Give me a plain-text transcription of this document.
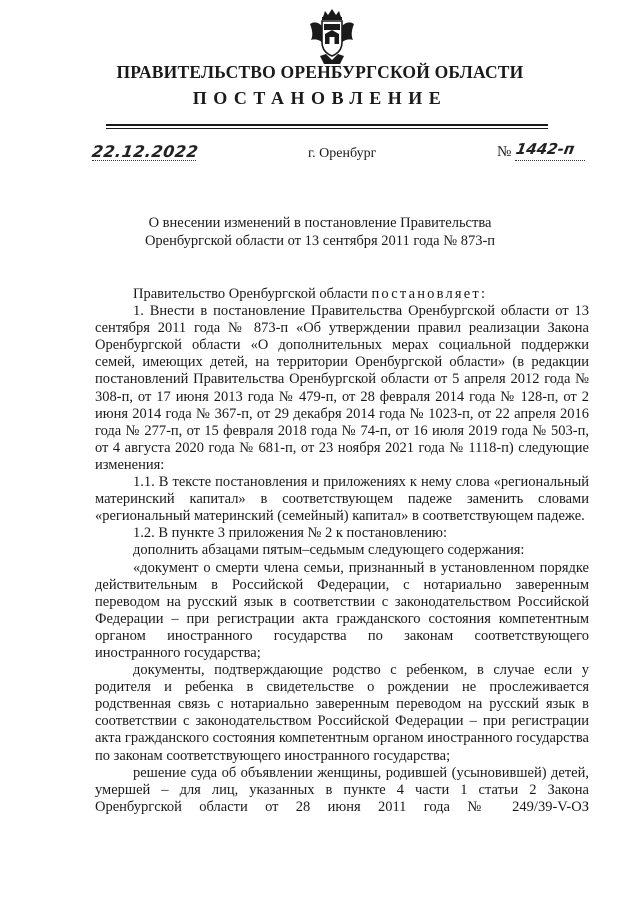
ПРАВИТЕЛЬСТВО ОРЕНБУРГСКОЙ ОБЛАСТИ
ПОСТАНОВЛЕНИЕ
22.12.2022	г. Оренбург	№ 1442-п
О внесении изменений в постановление Правительства
Оренбургской области от 13 сентября 2011 года № 873-п

Правительство Оренбургской области постановляет:

1. Внести в постановление Правительства Оренбургской области от 13 сентября 2011 года № 873-п «Об утверждении правил реализации Закона Оренбургской области «О дополнительных мерах социальной поддержки семей, имеющих детей, на территории Оренбургской области» (в редакции постановлений Правительства Оренбургской области от 5 апреля 2012 года № 308-п, от 17 июня 2013 года № 479-п, от 28 февраля 2014 года № 128-п, от 2 июня 2014 года № 367-п, от 29 декабря 2014 года № 1023-п, от 22 апреля 2016 года № 277-п, от 15 февраля 2018 года № 74-п, от 16 июля 2019 года № 503-п, от 4 августа 2020 года № 681-п, от 23 ноября 2021 года № 1118-п) следующие изменения:

1.1. В тексте постановления и приложениях к нему слова «региональный материнский капитал» в соответствующем падеже заменить словами «региональный материнский (семейный) капитал» в соответствующем падеже.

1.2. В пункте 3 приложения № 2 к постановлению:

дополнить абзацами пятым–седьмым следующего содержания:

«документ о смерти члена семьи, признанный в установленном порядке действительным в Российской Федерации, с нотариально заверенным переводом на русский язык в соответствии с законодательством Российской Федерации – при регистрации акта гражданского состояния компетентным органом иностранного государства по законам соответствующего иностранного государства;

документы, подтверждающие родство с ребенком, в случае если у родителя и ребенка в свидетельстве о рождении не прослеживается родственная связь с нотариально заверенным переводом на русский язык в соответствии с законодательством Российской Федерации – при регистрации акта гражданского состояния компетентным органом иностранного государства по законам соответствующего иностранного государства;

решение суда об объявлении женщины, родившей (усыновившей) детей, умершей – для лиц, указанных в пункте 4 части 1 статьи 2 Закона Оренбургской области от 28 июня 2011 года № 249/39-V-ОЗ
